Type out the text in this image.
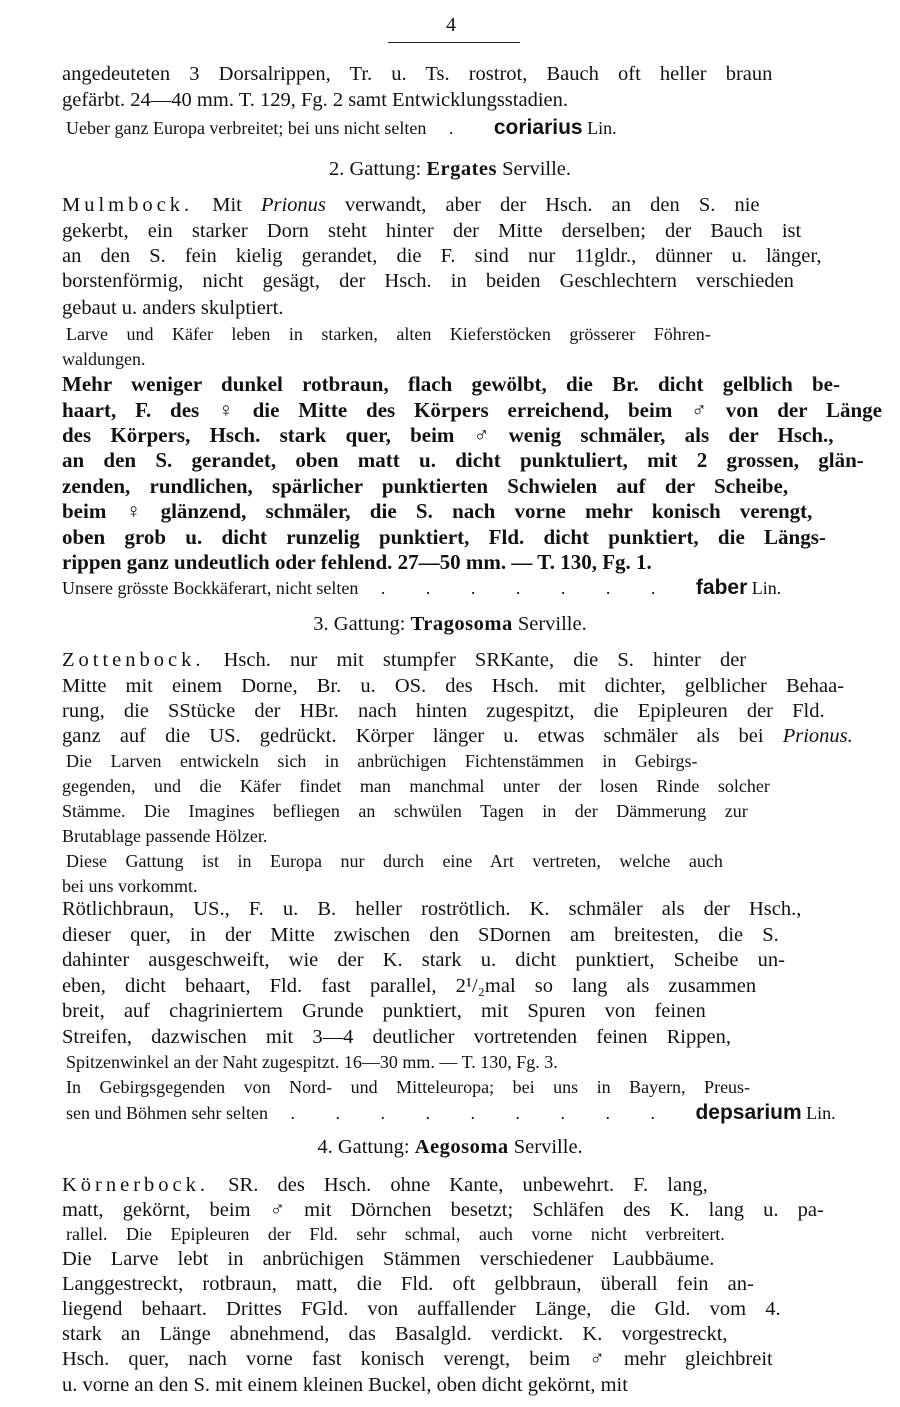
4
angedeuteten 3 Dorsalrippen, Tr. u. Ts. rostrot, Bauch oft heller braun
gefärbt. 24—40 mm. T. 129, Fg. 2 samt Entwicklungsstadien.
Ueber ganz Europa verbreitet; bei uns nicht selten . coriarius Lin.
2. Gattung: Ergates Serville.
Mulmbock. Mit Prionus verwandt, aber der Hsch. an den S. nie
gekerbt, ein starker Dorn steht hinter der Mitte derselben; der Bauch ist
an den S. fein kielig gerandet, die F. sind nur 11gldr., dünner u. länger,
borstenförmig, nicht gesägt, der Hsch. in beiden Geschlechtern verschieden
gebaut u. anders skulptiert.
Larve und Käfer leben in starken, alten Kieferstöcken grösserer Föhren-
waldungen.
Mehr weniger dunkel rotbraun, flach gewölbt, die Br. dicht gelblich be-
haart, F. des ♀ die Mitte des Körpers erreichend, beim ♂ von der Länge
des Körpers, Hsch. stark quer, beim ♂ wenig schmäler, als der Hsch.,
an den S. gerandet, oben matt u. dicht punktuliert, mit 2 grossen, glän-
zenden, rundlichen, spärlicher punktierten Schwielen auf der Scheibe,
beim ♀ glänzend, schmäler, die S. nach vorne mehr konisch verengt,
oben grob u. dicht runzelig punktiert, Fld. dicht punktiert, die Längs-
rippen ganz undeutlich oder fehlend. 27—50 mm. — T. 130, Fg. 1.
Unsere grösste Bockkäferart, nicht selten . . . . . . . faber Lin.
3. Gattung: Tragosoma Serville.
Zottenbock. Hsch. nur mit stumpfer SRKante, die S. hinter der
Mitte mit einem Dorne, Br. u. OS. des Hsch. mit dichter, gelblicher Behaa-
rung, die SStücke der HBr. nach hinten zugespitzt, die Epipleuren der Fld.
ganz auf die US. gedrückt. Körper länger u. etwas schmäler als bei Prionus.
Die Larven entwickeln sich in anbrüchigen Fichtenstämmen in Gebirgs-
gegenden, und die Käfer findet man manchmal unter der losen Rinde solcher
Stämme. Die Imagines befliegen an schwülen Tagen in der Dämmerung zur
Brutablage passende Hölzer.
Diese Gattung ist in Europa nur durch eine Art vertreten, welche auch
bei uns vorkommt.
Rötlichbraun, US., F. u. B. heller roströtlich. K. schmäler als der Hsch.,
dieser quer, in der Mitte zwischen den SDornen am breitesten, die S.
dahinter ausgeschweift, wie der K. stark u. dicht punktiert, Scheibe un-
eben, dicht behaart, Fld. fast parallel, 2¹/₂mal so lang als zusammen
breit, auf chagriniertem Grunde punktiert, mit Spuren von feinen
Streifen, dazwischen mit 3—4 deutlicher vortretenden feinen Rippen,
Spitzenwinkel an der Naht zugespitzt. 16—30 mm. — T. 130, Fg. 3.
In Gebirgsgegenden von Nord- und Mitteleuropa; bei uns in Bayern, Preus-
sen und Böhmen sehr selten . . . . . . . . . depsarium Lin.
4. Gattung: Aegosoma Serville.
Körnerbock. SR. des Hsch. ohne Kante, unbewehrt. F. lang,
matt, gekörnt, beim ♂ mit Dörnchen besetzt; Schläfen des K. lang u. pa-
rallel. Die Epipleuren der Fld. sehr schmal, auch vorne nicht verbreitert.
Die Larve lebt in anbrüchigen Stämmen verschiedener Laubbäume.
Langgestreckt, rotbraun, matt, die Fld. oft gelbbraun, überall fein an-
liegend behaart. Drittes FGld. von auffallender Länge, die Gld. vom 4.
stark an Länge abnehmend, das Basalgld. verdickt. K. vorgestreckt,
Hsch. quer, nach vorne fast konisch verengt, beim ♂ mehr gleichbreit
u. vorne an den S. mit einem kleinen Buckel, oben dicht gekörnt, mit
